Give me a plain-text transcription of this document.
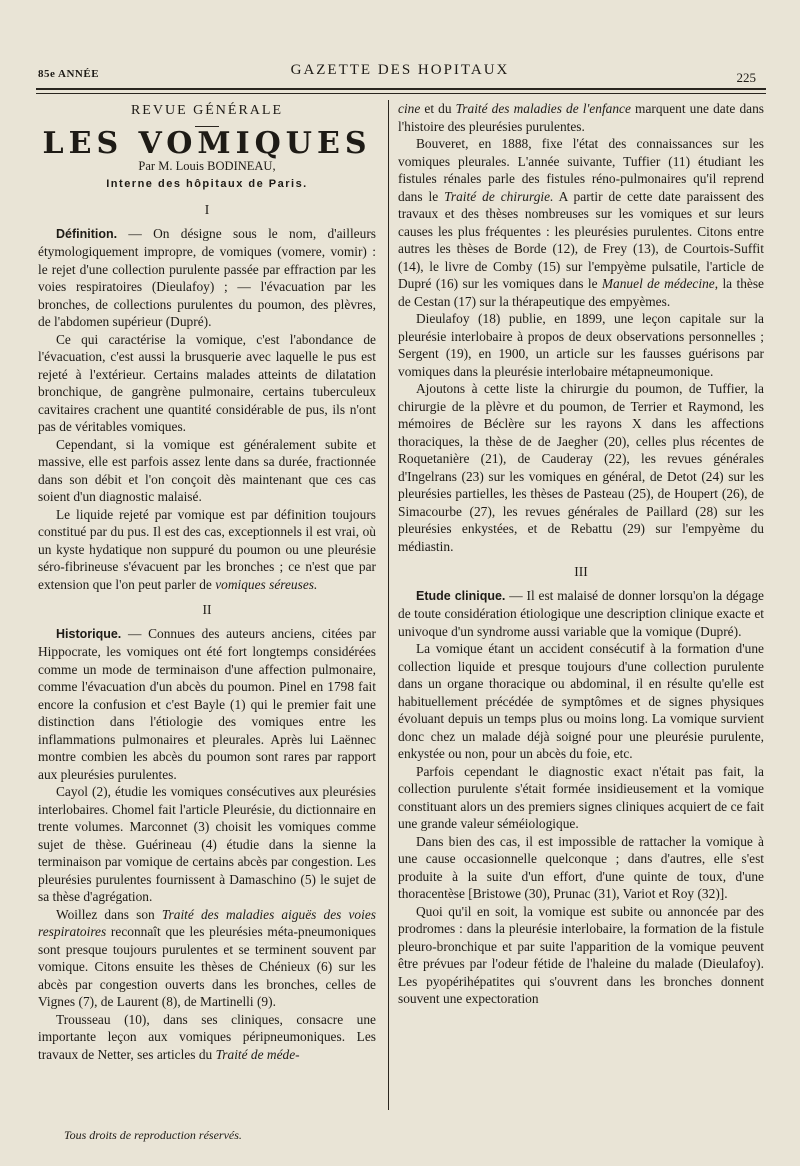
85e ANNÉE	GAZETTE DES HOPITAUX	225
REVUE GÉNÉRALE
LES VOMIQUES
Par M. Louis BODINEAU,
Interne des hôpitaux de Paris.
I

Définition. — On désigne sous le nom, d'ailleurs étymologiquement impropre, de vomiques (vomere, vomir) : le rejet d'une collection purulente passée par effraction par les voies respiratoires (Dieulafoy) ; — l'évacuation par les bronches, de collections purulentes du poumon, des plèvres, de l'abdomen supérieur (Dupré).

Ce qui caractérise la vomique, c'est l'abondance de l'évacuation, c'est aussi la brusquerie avec laquelle le pus est rejeté à l'extérieur. Certains malades atteints de dilatation bronchique, de gangrène pulmonaire, certains tuberculeux cavitaires crachent une quantité considérable de pus, ils n'ont pas de véritables vomiques.

Cependant, si la vomique est généralement subite et massive, elle est parfois assez lente dans sa durée, fractionnée dans son débit et l'on conçoit dès maintenant que ces cas soient d'un diagnostic malaisé.

Le liquide rejeté par vomique est par définition toujours constitué par du pus. Il est des cas, exceptionnels il est vrai, où un kyste hydatique non suppuré du poumon ou une pleurésie séro-fibrineuse s'évacuent par les bronches ; ce n'est que par extension que l'on peut parler de vomiques séreuses.

II

Historique. — Connues des auteurs anciens, citées par Hippocrate, les vomiques ont été fort longtemps considérées comme un mode de terminaison d'une affection pulmonaire, comme l'évacuation d'un abcès du poumon. Pinel en 1798 fait encore la confusion et c'est Bayle (1) qui le premier fait une distinction dans l'étiologie des vomiques entre les inflammations pulmonaires et pleurales. Après lui Laënnec montre combien les abcès du poumon sont rares par rapport aux pleurésies purulentes.

Cayol (2), étudie les vomiques consécutives aux pleurésies interlobaires. Chomel fait l'article Pleurésie, du dictionnaire en trente volumes. Marconnet (3) choisit les vomiques comme sujet de thèse. Guérineau (4) étudie dans la sienne la terminaison par vomique de certains abcès par congestion. Les pleurésies purulentes fournissent à Damaschino (5) le sujet de sa thèse d'agrégation.

Woillez dans son Traité des maladies aiguës des voies respiratoires reconnaît que les pleurésies méta-pneumoniques sont presque toujours purulentes et se terminent souvent par vomique. Citons ensuite les thèses de Chénieux (6) sur les abcès par congestion ouverts dans les bronches, celles de Vignes (7), de Laurent (8), de Martinelli (9).

Trousseau (10), dans ses cliniques, consacre une importante leçon aux vomiques péripneumoniques. Les travaux de Netter, ses articles du Traité de méde-

cine et du Traité des maladies de l'enfance marquent une date dans l'histoire des pleurésies purulentes.

Bouveret, en 1888, fixe l'état des connaissances sur les vomiques pleurales. L'année suivante, Tuffier (11) étudiant les fistules rénales parle des fistules réno-pulmonaires qu'il reprend dans le Traité de chirurgie. A partir de cette date paraissent des travaux et des thèses nombreuses sur les vomiques et sur leurs causes les plus fréquentes : les pleurésies purulentes. Citons entre autres les thèses de Borde (12), de Frey (13), de Courtois-Suffit (14), le livre de Comby (15) sur l'empyème pulsatile, l'article de Dupré (16) sur les vomiques dans le Manuel de médecine, la thèse de Cestan (17) sur la thérapeutique des empyèmes.

Dieulafoy (18) publie, en 1899, une leçon capitale sur la pleurésie interlobaire à propos de deux observations personnelles ; Sergent (19), en 1900, un article sur les fausses guérisons par vomiques dans la pleurésie interlobaire métapneumonique.

Ajoutons à cette liste la chirurgie du poumon, de Tuffier, la chirurgie de la plèvre et du poumon, de Terrier et Raymond, les mémoires de Béclère sur les rayons X dans les affections thoraciques, la thèse de de Jaegher (20), celles plus récentes de Roquetanière (21), de Cauderay (22), les revues générales d'Ingelrans (23) sur les vomiques en général, de Detot (24) sur les pleurésies partielles, les thèses de Pasteau (25), de Houpert (26), de Simacourbe (27), les revues générales de Paillard (28) sur les pleurésies enkystées, et de Rebattu (29) sur l'empyème du médiastin.

III

Etude clinique. — Il est malaisé de donner lorsqu'on la dégage de toute considération étiologique une description clinique exacte et univoque d'un syndrome aussi variable que la vomique (Dupré).

La vomique étant un accident consécutif à la formation d'une collection liquide et presque toujours d'une collection purulente dans un organe thoracique ou abdominal, il en résulte qu'elle est habituellement précédée de symptômes et de signes physiques évoluant depuis un temps plus ou moins long. La vomique survient donc chez un malade déjà soigné pour une pleurésie purulente, enkystée ou non, pour un abcès du foie, etc.

Parfois cependant le diagnostic exact n'était pas fait, la collection purulente s'était formée insidieusement et la vomique constituant alors un des premiers signes cliniques acquiert de ce fait une grande valeur séméiologique.

Dans bien des cas, il est impossible de rattacher la vomique à une cause occasionnelle quelconque ; dans d'autres, elle s'est produite à la suite d'un effort, d'une quinte de toux, d'une thoracentèse [Bristowe (30), Prunac (31), Variot et Roy (32)].

Quoi qu'il en soit, la vomique est subite ou annoncée par des prodromes : dans la pleurésie interlobaire, la formation de la fistule pleuro-bronchique et par suite l'apparition de la vomique peuvent être prévues par l'odeur fétide de l'haleine du malade (Dieulafoy). Les pyopérihépatites qui s'ouvrent dans les bronches donnent souvent une expectoration

Tous droits de reproduction réservés.
